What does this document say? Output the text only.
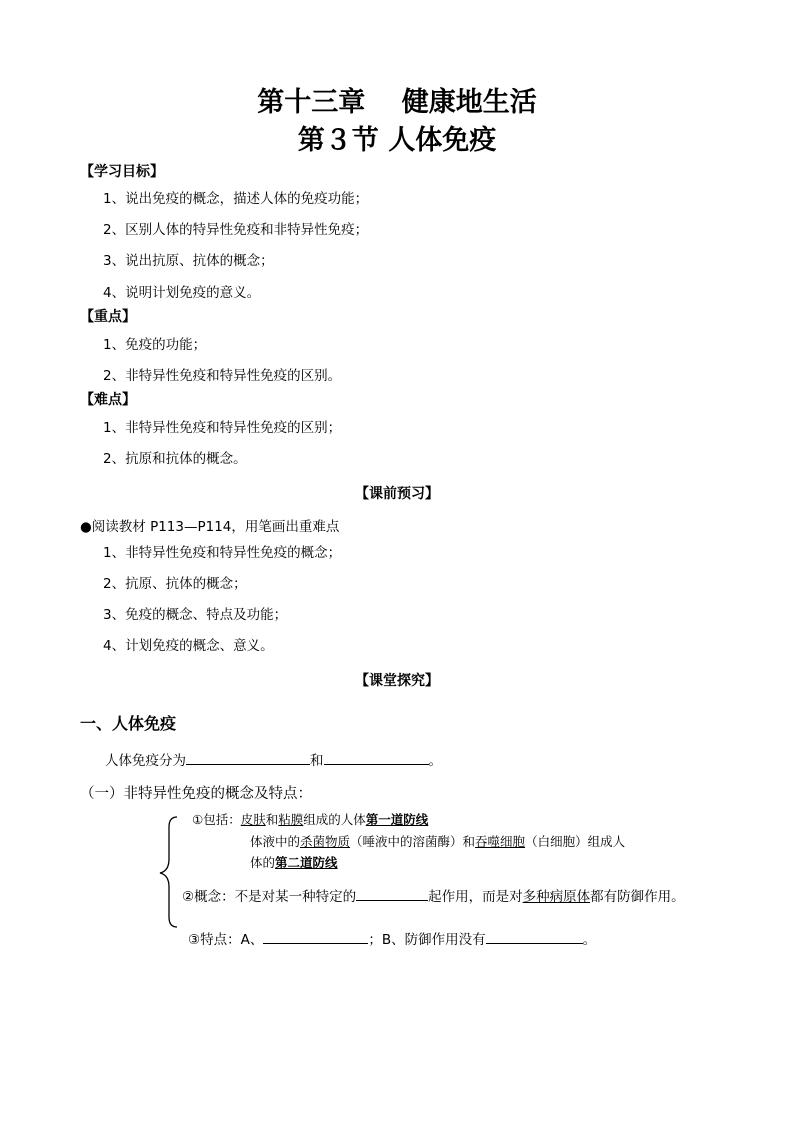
第十三章　 健康地生活
第３节 人体免疫
【学习目标】
1、说出免疫的概念，描述人体的免疫功能；
2、区别人体的特异性免疫和非特异性免疫；
3、说出抗原、抗体的概念；
4、说明计划免疫的意义。
【重点】
1、免疫的功能；
2、非特异性免疫和特异性免疫的区别。
【难点】
1、非特异性免疫和特异性免疫的区别；
2、抗原和抗体的概念。
【课前预习】
●阅读教材 P113—P114，用笔画出重难点
1、非特异性免疫和特异性免疫的概念；
2、抗原、抗体的概念；
3、免疫的概念、特点及功能；
4、计划免疫的概念、意义。
【课堂探究】
一、人体免疫
人体免疫分为	和	。
（一）非特异性免疫的概念及特点：
①包括：皮肤和粘膜组成的人体第一道防线
体液中的杀菌物质（唾液中的溶菌酶）和吞噬细胞（白细胞）组成人
体的第二道防线
②概念：不是对某一种特定的	起作用，而是对多种病原体都有防御作用。
③特点：A、	；B、防御作用没有	。
